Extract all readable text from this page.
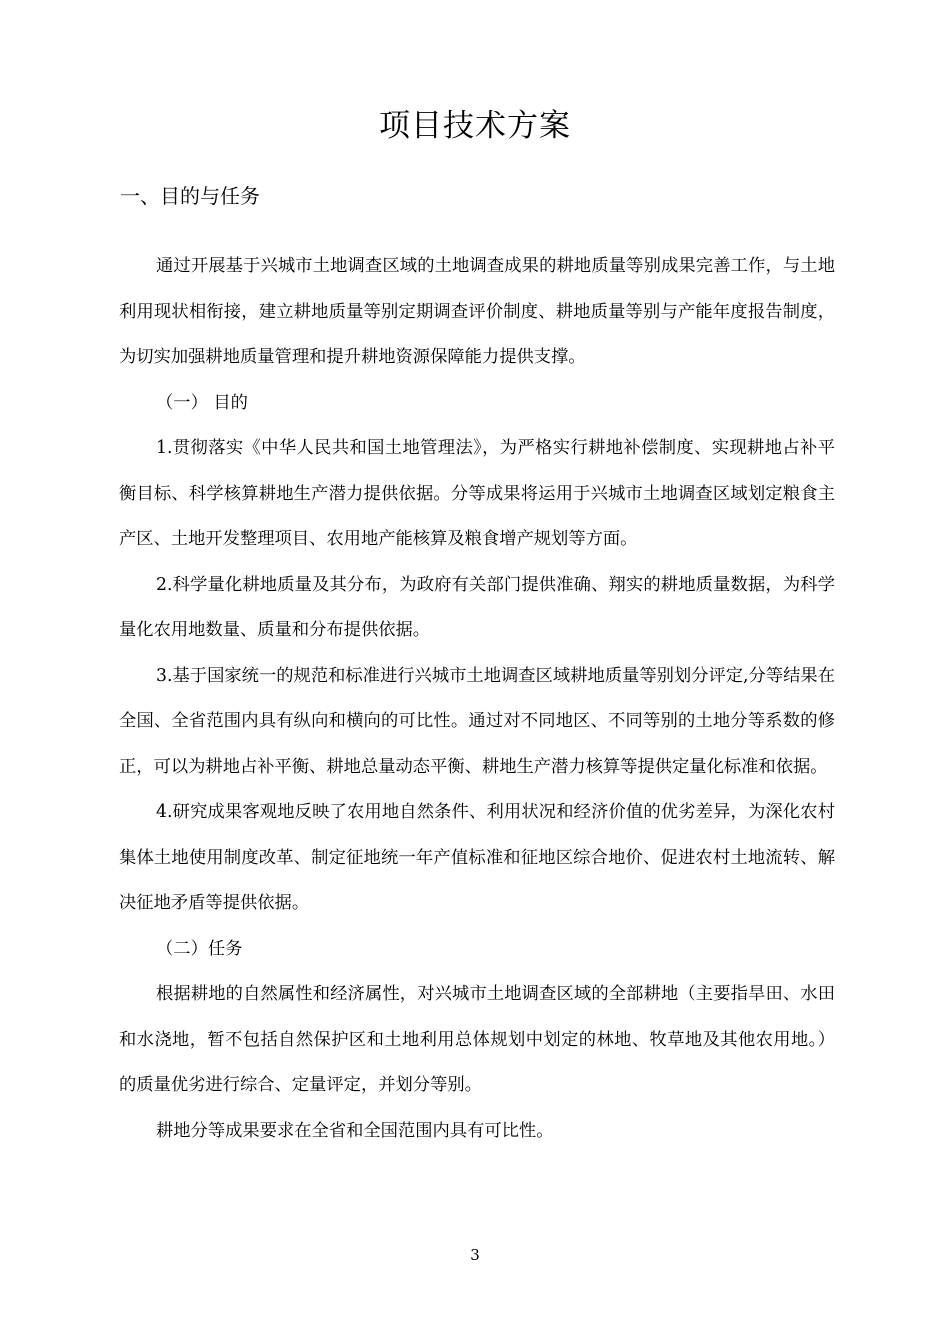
项目技术方案
一、目的与任务

通过开展基于兴城市土地调查区域的土地调查成果的耕地质量等别成果完善工作，与土地利用现状相衔接，建立耕地质量等别定期调查评价制度、耕地质量等别与产能年度报告制度，为切实加强耕地质量管理和提升耕地资源保障能力提供支撑。

（一） 目的

1.贯彻落实《中华人民共和国土地管理法》，为严格实行耕地补偿制度、实现耕地占补平衡目标、科学核算耕地生产潜力提供依据。分等成果将运用于兴城市土地调查区域划定粮食主产区、土地开发整理项目、农用地产能核算及粮食增产规划等方面。

2.科学量化耕地质量及其分布，为政府有关部门提供准确、翔实的耕地质量数据，为科学量化农用地数量、质量和分布提供依据。

3.基于国家统一的规范和标准进行兴城市土地调查区域耕地质量等别划分评定,分等结果在全国、全省范围内具有纵向和横向的可比性。通过对不同地区、不同等别的土地分等系数的修正，可以为耕地占补平衡、耕地总量动态平衡、耕地生产潜力核算等提供定量化标准和依据。

4.研究成果客观地反映了农用地自然条件、利用状况和经济价值的优劣差异，为深化农村集体土地使用制度改革、制定征地统一年产值标准和征地区综合地价、促进农村土地流转、解决征地矛盾等提供依据。

（二）任务

根据耕地的自然属性和经济属性，对兴城市土地调查区域的全部耕地（主要指旱田、水田和水浇地，暂不包括自然保护区和土地利用总体规划中划定的林地、牧草地及其他农用地。）的质量优劣进行综合、定量评定，并划分等别。

耕地分等成果要求在全省和全国范围内具有可比性。

3
